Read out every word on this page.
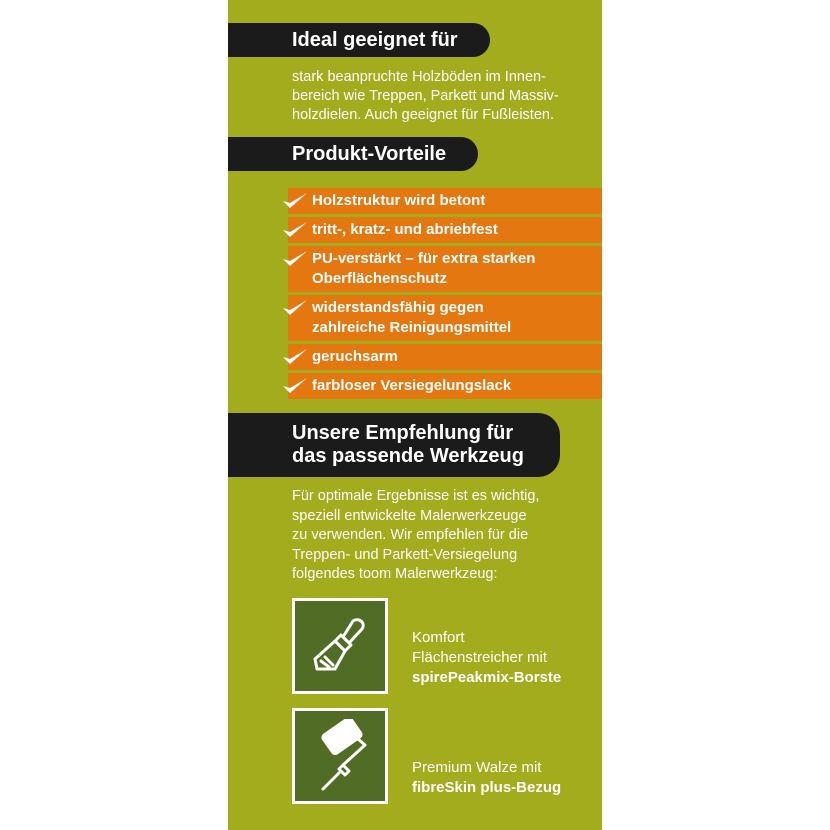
Ideal geeignet für
stark beanpruchte Holzböden im Innen-
bereich wie Treppen, Parkett und Massiv-
holzdielen. Auch geeignet für Fußleisten.
Produkt-Vorteile
Holzstruktur wird betont
tritt-, kratz- und abriebfest
PU-verstärkt – für extra starken
Oberflächenschutz
widerstandsfähig gegen
zahlreiche Reinigungsmittel
geruchsarm
farbloser Versiegelungslack
Unsere Empfehlung für
das passende Werkzeug
Für optimale Ergebnisse ist es wichtig,
speziell entwickelte Malerwerkzeuge
zu verwenden. Wir empfehlen für die
Treppen- und Parkett-Versiegelung
folgendes toom Malerwerkzeug:
Komfort
Flächenstreicher mit
spirePeakmix-Borste
Premium Walze mit
fibreSkin plus-Bezug
